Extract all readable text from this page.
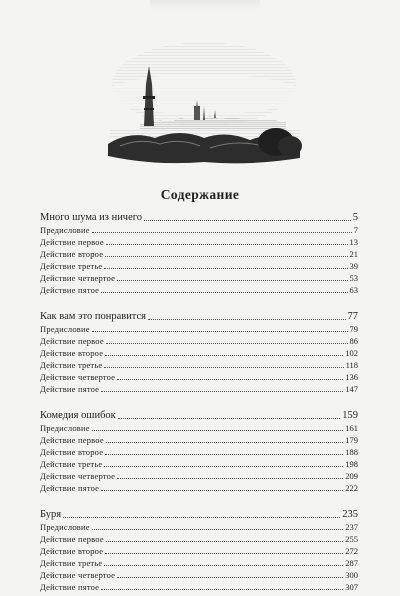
Содержание
Много шума из ничего	5
Предисловие	7
Действие первое	13
Действие второе	21
Действие третье	39
Действие четвертое	53
Действие пятое	63
Как вам это понравится	77
Предисловие	79
Действие первое	86
Действие второе	102
Действие третье	118
Действие четвертое	136
Действие пятое	147
Комедия ошибок	159
Предисловие	161
Действие первое	179
Действие второе	188
Действие третье	198
Действие четвертое	209
Действие пятое	222
Буря	235
Предисловие	237
Действие первое	255
Действие второе	272
Действие третье	287
Действие четвертое	300
Действие пятое	307
